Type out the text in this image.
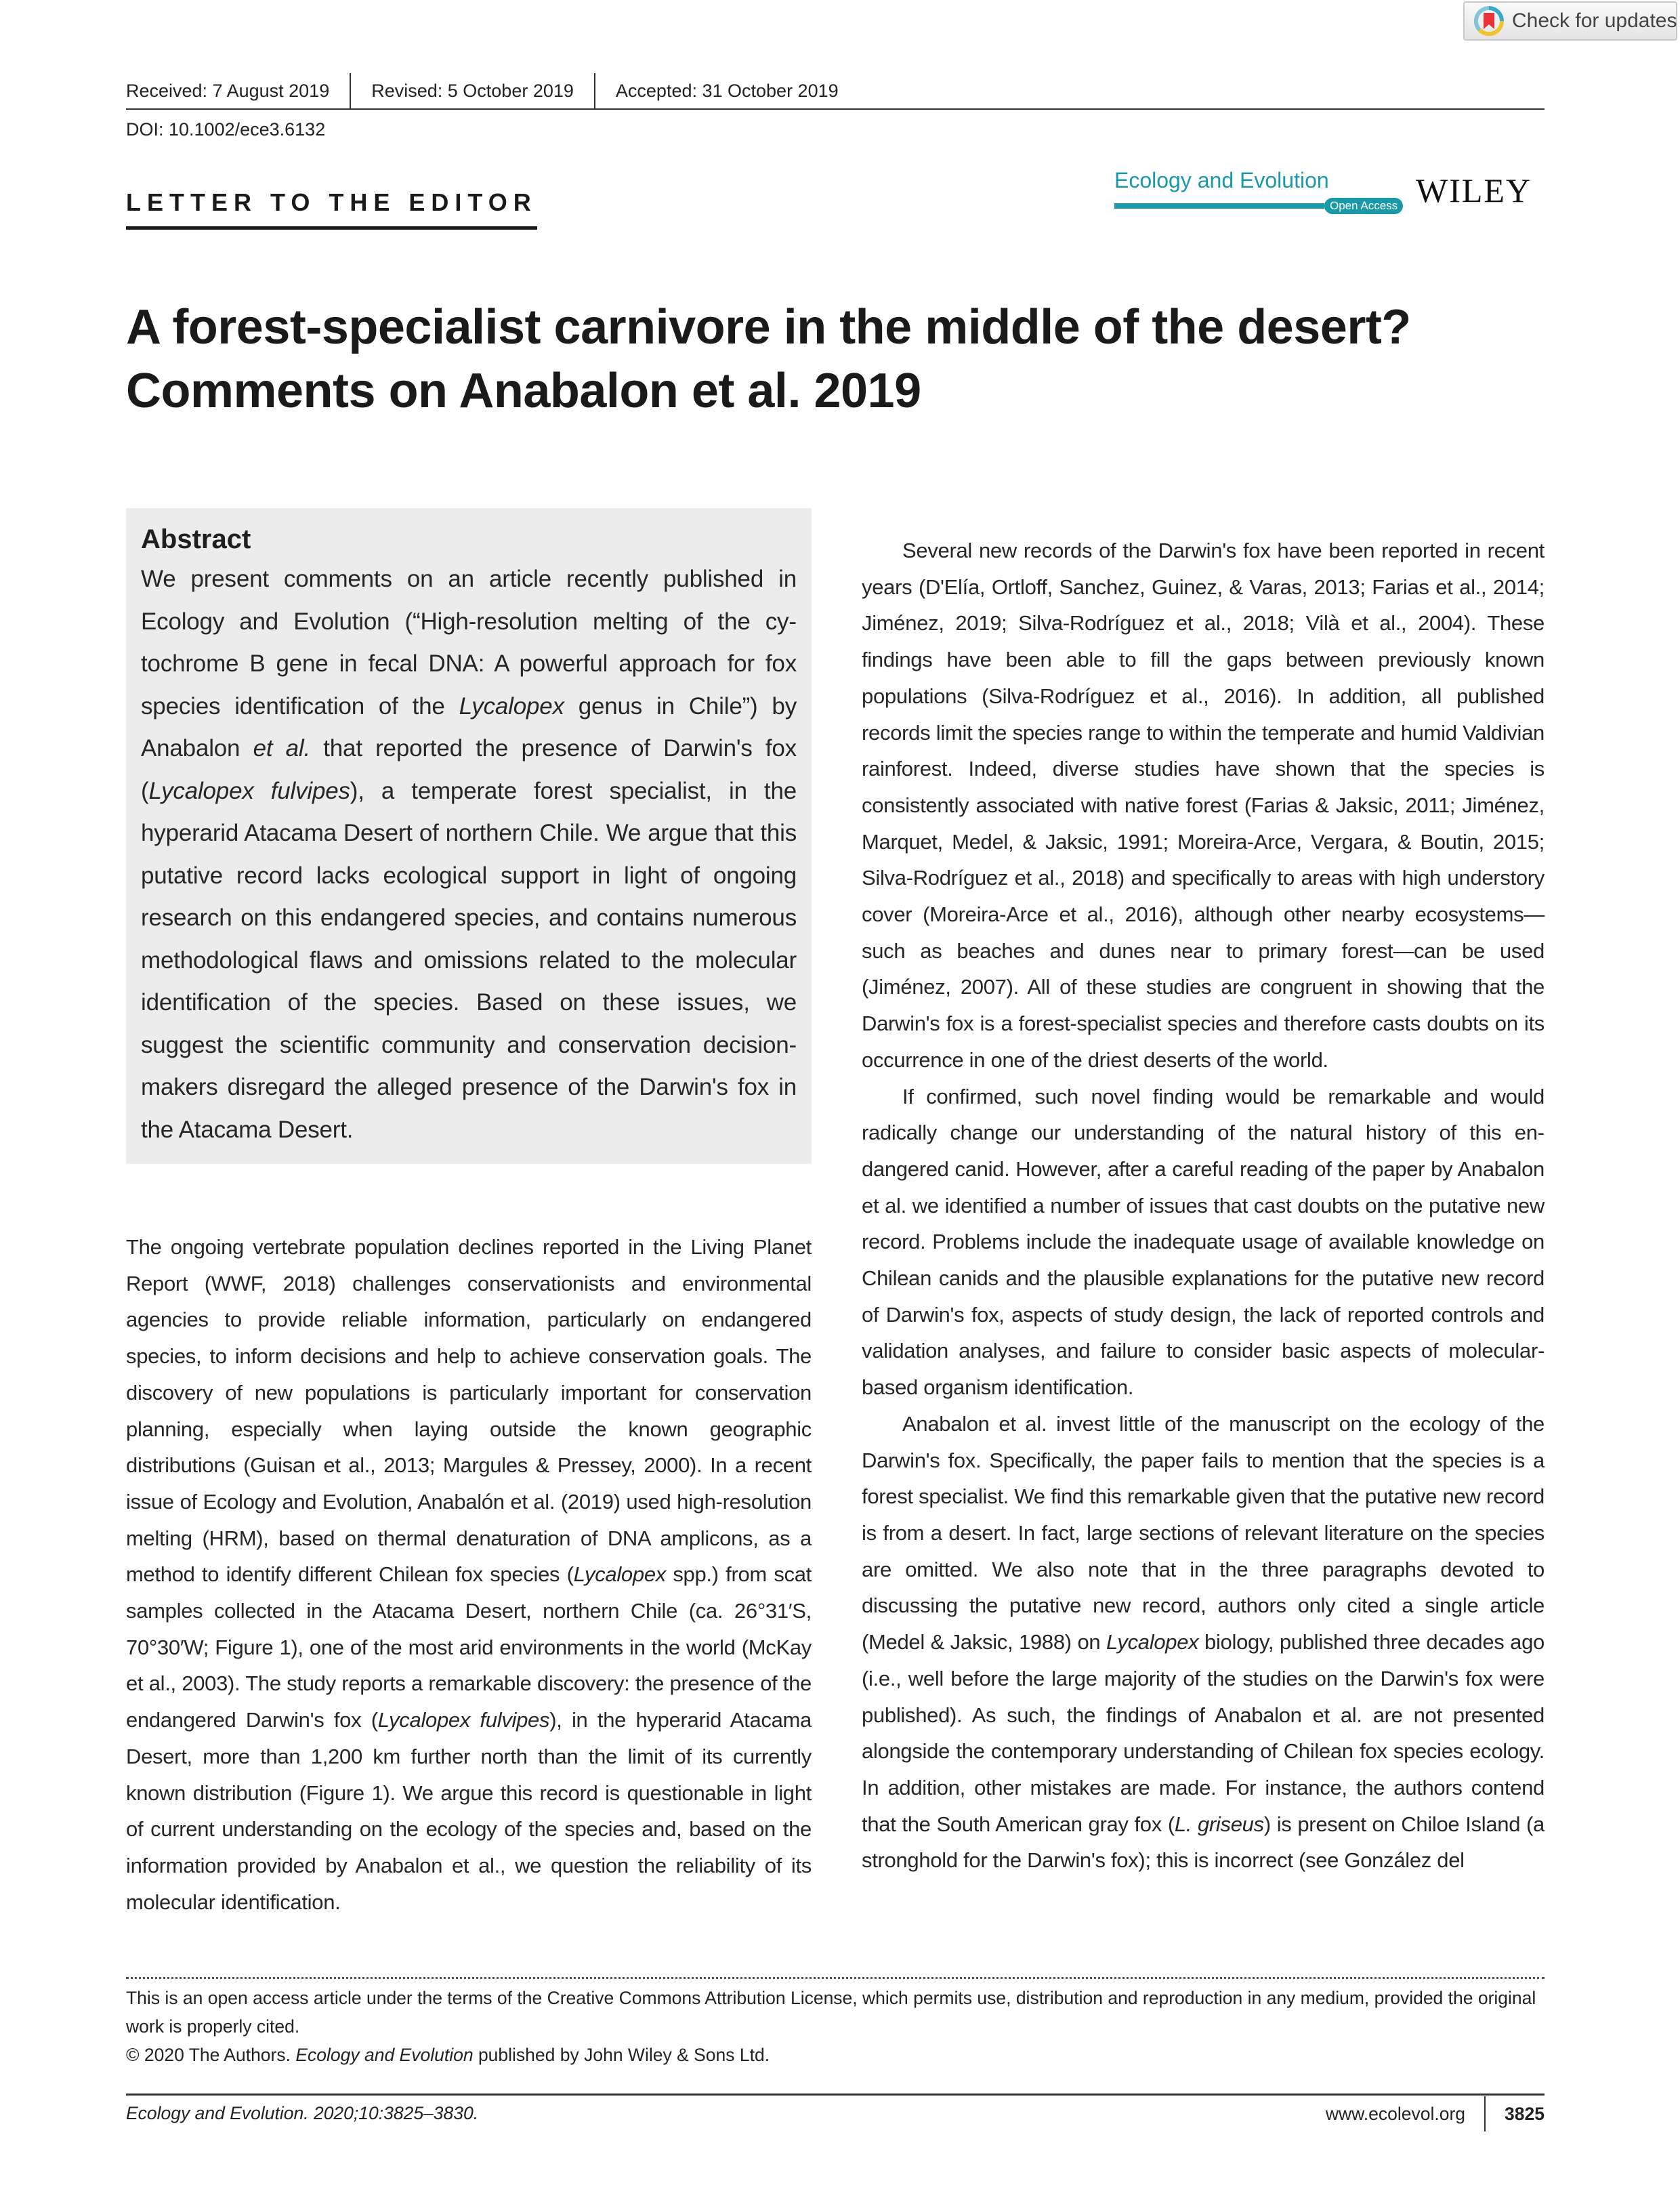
Check for updates
Received: 7 August 2019	Revised: 5 October 2019	Accepted: 31 October 2019
DOI: 10.1002/ece3.6132
LETTER TO THE EDITOR
Ecology and Evolution
Open Access WILEY
A forest-specialist carnivore in the middle of the desert?
Comments on Anabalon et al. 2019
Abstract

We present comments on an article recently published in Ecology and Evolution (“High-resolution melting of the cytochrome B gene in fecal DNA: A powerful approach for fox species identification of the Lycalopex genus in Chile”) by Anabalon et al. that reported the presence of Darwin's fox (Lycalopex fulvipes), a temperate forest specialist, in the hyperarid Atacama Desert of northern Chile. We argue that this putative record lacks ecological support in light of ongoing research on this endangered species, and contains numerous methodological flaws and omissions related to the molecular identification of the species. Based on these issues, we suggest the scientific community and conservation decision-makers disregard the alleged presence of the Darwin's fox in the Atacama Desert.

The ongoing vertebrate population declines reported in the Living Planet Report (WWF, 2018) challenges conservationists and environmental agencies to provide reliable information, particularly on endangered species, to inform decisions and help to achieve conservation goals. The discovery of new populations is particularly important for conservation planning, especially when laying outside the known geographic distributions (Guisan et al., 2013; Margules & Pressey, 2000). In a recent issue of Ecology and Evolution, Anabalón et al. (2019) used high-resolution melting (HRM), based on thermal denaturation of DNA amplicons, as a method to identify different Chilean fox species (Lycalopex spp.) from scat samples collected in the Atacama Desert, northern Chile (ca. 26°31′S, 70°30′W; Figure 1), one of the most arid environments in the world (McKay et al., 2003). The study reports a remarkable discovery: the presence of the endangered Darwin's fox (Lycalopex fulvipes), in the hyperarid Atacama Desert, more than 1,200 km further north than the limit of its currently known distribution (Figure 1). We argue this record is questionable in light of current understanding on the ecology of the species and, based on the information provided by Anabalon et al., we question the reliability of its molecular identification.

Several new records of the Darwin's fox have been reported in recent years (D'Elía, Ortloff, Sanchez, Guinez, & Varas, 2013; Farias et al., 2014; Jiménez, 2019; Silva-Rodríguez et al., 2018; Vilà et al., 2004). These findings have been able to fill the gaps between previously known populations (Silva-Rodríguez et al., 2016). In addition, all published records limit the species range to within the temperate and humid Valdivian rainforest. Indeed, diverse studies have shown that the species is consistently associated with native forest (Farias & Jaksic, 2011; Jiménez, Marquet, Medel, & Jaksic, 1991; Moreira-Arce, Vergara, & Boutin, 2015; Silva-Rodríguez et al., 2018) and specifically to areas with high understory cover (Moreira-Arce et al., 2016), although other nearby ecosystems—such as beaches and dunes near to primary forest—can be used (Jiménez, 2007). All of these studies are congruent in showing that the Darwin's fox is a forest-specialist species and therefore casts doubts on its occurrence in one of the driest deserts of the world.

If confirmed, such novel finding would be remarkable and would radically change our understanding of the natural history of this endangered canid. However, after a careful reading of the paper by Anabalon et al. we identified a number of issues that cast doubts on the putative new record. Problems include the inadequate usage of available knowledge on Chilean canids and the plausible explanations for the putative new record of Darwin's fox, aspects of study design, the lack of reported controls and validation analyses, and failure to consider basic aspects of molecular-based organism identification.

Anabalon et al. invest little of the manuscript on the ecology of the Darwin's fox. Specifically, the paper fails to mention that the species is a forest specialist. We find this remarkable given that the putative new record is from a desert. In fact, large sections of relevant literature on the species are omitted. We also note that in the three paragraphs devoted to discussing the putative new record, authors only cited a single article (Medel & Jaksic, 1988) on Lycalopex biology, published three decades ago (i.e., well before the large majority of the studies on the Darwin's fox were published). As such, the findings of Anabalon et al. are not presented alongside the contemporary understanding of Chilean fox species ecology. In addition, other mistakes are made. For instance, the authors contend that the South American gray fox (L. griseus) is present on Chiloe Island (a stronghold for the Darwin's fox); this is incorrect (see González del

This is an open access article under the terms of the Creative Commons Attribution License, which permits use, distribution and reproduction in any medium, provided the original work is properly cited.

© 2020 The Authors. Ecology and Evolution published by John Wiley & Sons Ltd.

Ecology and Evolution. 2020;10:3825–3830.	www.ecolevol.org 3825
